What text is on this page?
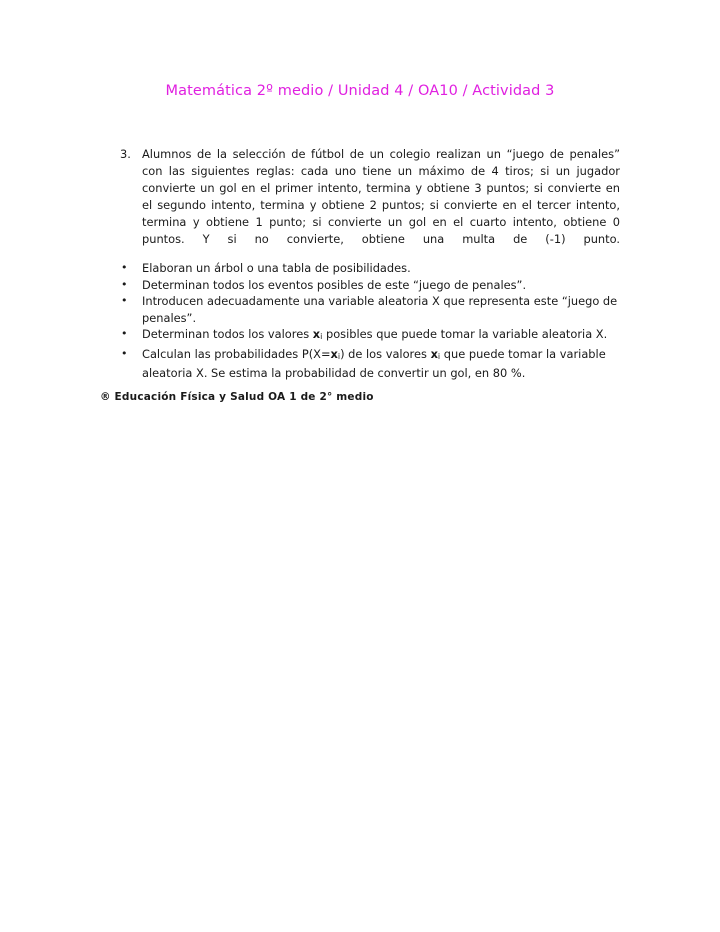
Matemática 2º medio / Unidad 4 / OA10 / Actividad 3
3. Alumnos de la selección de fútbol de un colegio realizan un “juego de penales”
con las siguientes reglas: cada uno tiene un máximo de 4 tiros; si un jugador
convierte un gol en el primer intento, termina y obtiene 3 puntos; si convierte en
el segundo intento, termina y obtiene 2 puntos; si convierte en el tercer intento,
termina y obtiene 1 punto; si convierte un gol en el cuarto intento, obtiene 0
puntos. Y si no convierte, obtiene una multa de (-1) punto.
• Elaboran un árbol o una tabla de posibilidades.
• Determinan todos los eventos posibles de este “juego de penales”.
• Introducen adecuadamente una variable aleatoria X que representa este “juego de penales”.
• Determinan todos los valores xi posibles que puede tomar la variable aleatoria X.
• Calculan las probabilidades P(X=xi) de los valores xi que puede tomar la variable aleatoria X. Se estima la probabilidad de convertir un gol, en 80 %.
® Educación Física y Salud OA 1 de 2° medio
